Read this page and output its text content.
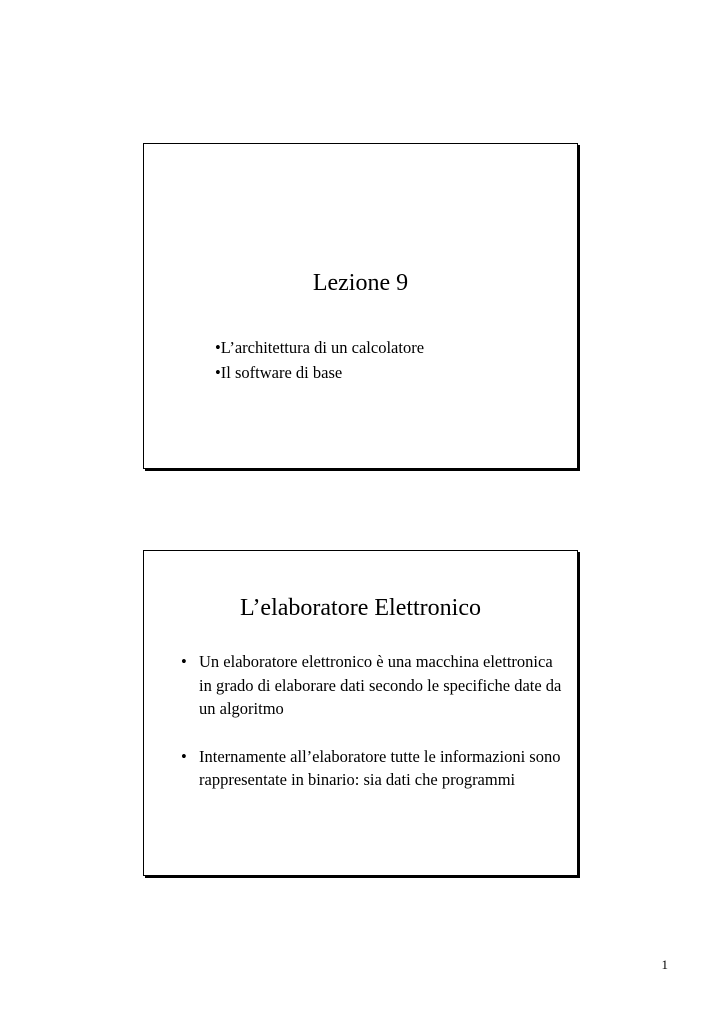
Lezione 9
•L’architettura di un calcolatore
•Il software di base
L’elaboratore Elettronico
• Un elaboratore elettronico è una macchina elettronica in grado di elaborare dati secondo le specifiche date da un algoritmo
• Internamente all’elaboratore tutte le informazioni sono rappresentate in binario: sia dati che programmi
1
